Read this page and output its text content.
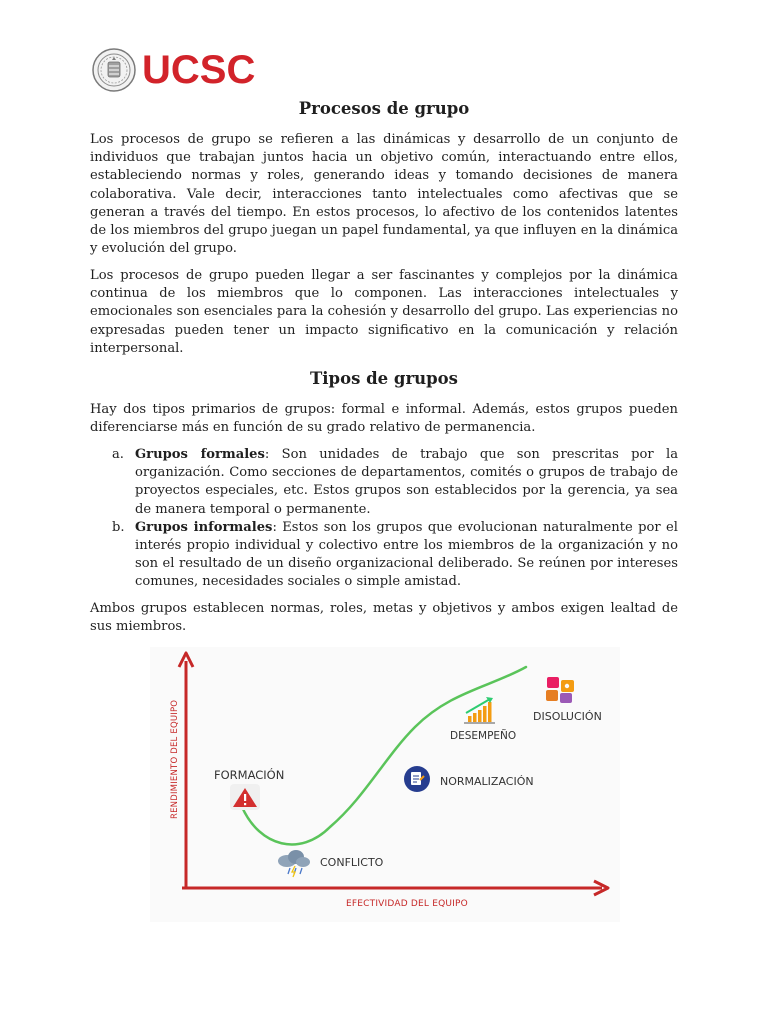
UCSC
Procesos de grupo

Los procesos de grupo se refieren a las dinámicas y desarrollo de un conjunto de individuos que trabajan juntos hacia un objetivo común, interactuando entre ellos, estableciendo normas y roles, generando ideas y tomando decisiones de manera colaborativa. Vale decir, interacciones tanto intelectuales como afectivas que se generan a través del tiempo. En estos procesos, lo afectivo de los contenidos latentes de los miembros del grupo juegan un papel fundamental, ya que influyen en la dinámica y evolución del grupo.

Los procesos de grupo pueden llegar a ser fascinantes y complejos por la dinámica continua de los miembros que lo componen. Las interacciones intelectuales y emocionales son esenciales para la cohesión y desarrollo del grupo. Las experiencias no expresadas pueden tener un impacto significativo en la comunicación y relación interpersonal.

Tipos de grupos

Hay dos tipos primarios de grupos: formal e informal. Además, estos grupos pueden diferenciarse más en función de su grado relativo de permanencia.

a. Grupos formales: Son unidades de trabajo que son prescritas por la organización. Como secciones de departamentos, comités o grupos de trabajo de proyectos especiales, etc. Estos grupos son establecidos por la gerencia, ya sea de manera temporal o permanente.
b. Grupos informales: Estos son los grupos que evolucionan naturalmente por el interés propio individual y colectivo entre los miembros de la organización y no son el resultado de un diseño organizacional deliberado. Se reúnen por intereses comunes, necesidades sociales o simple amistad.

Ambos grupos establecen normas, roles, metas y objetivos y ambos exigen lealtad de sus miembros.

RENDIMIENTO DEL EQUIPO
EFECTIVIDAD DEL EQUIPO
FORMACIÓN
CONFLICTO
NORMALIZACIÓN
DESEMPEÑO
DISOLUCIÓN
